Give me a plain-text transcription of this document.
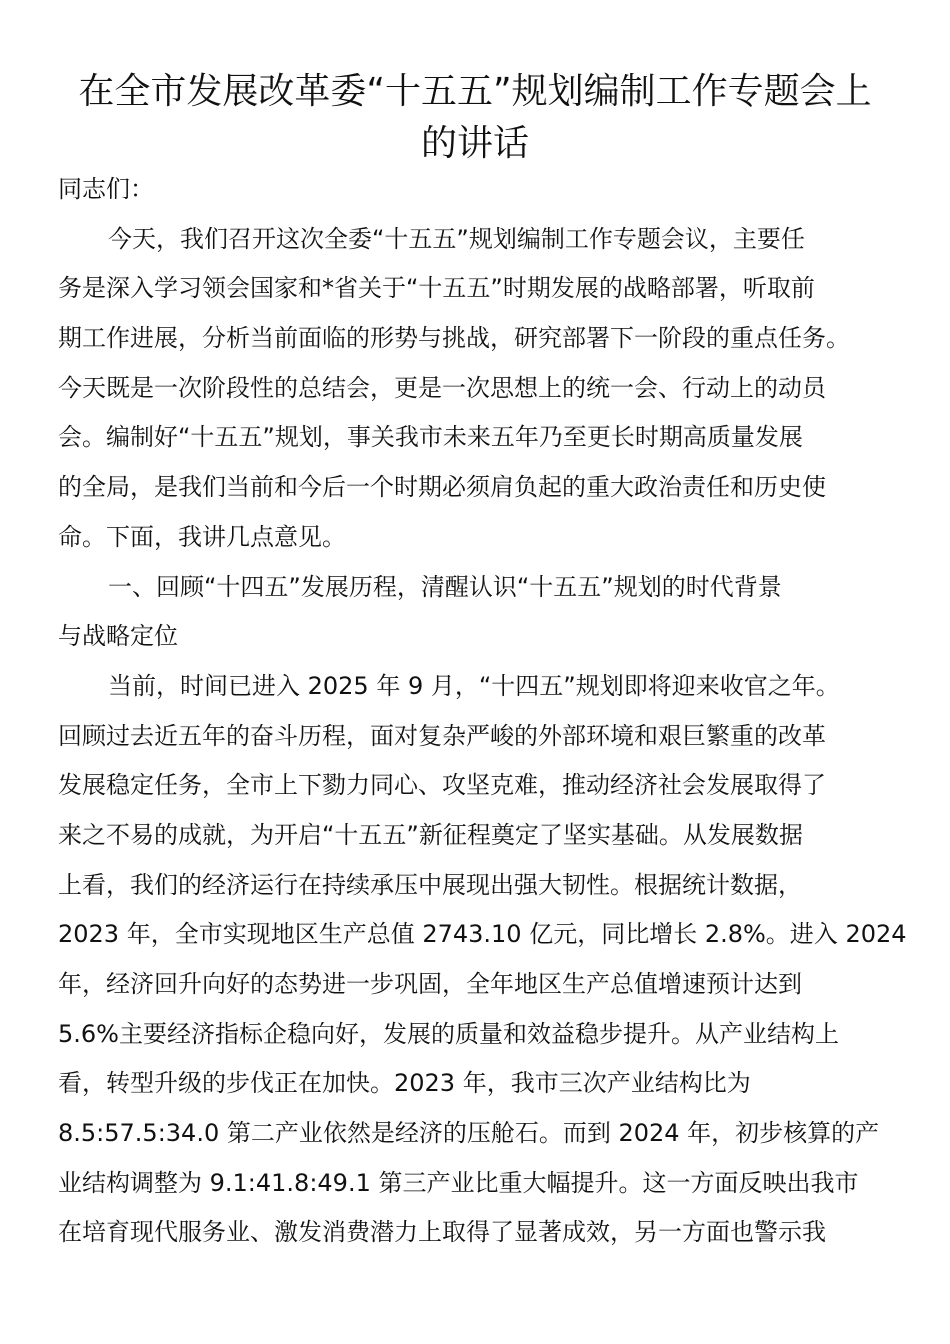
在全市发展改革委“十五五”规划编制工作专题会上
的讲话
同志们：
今天，我们召开这次全委“十五五”规划编制工作专题会议，主要任
务是深入学习领会国家和*省关于“十五五”时期发展的战略部署，听取前
期工作进展，分析当前面临的形势与挑战，研究部署下一阶段的重点任务。
今天既是一次阶段性的总结会，更是一次思想上的统一会、行动上的动员
会。编制好“十五五”规划，事关我市未来五年乃至更长时期高质量发展
的全局，是我们当前和今后一个时期必须肩负起的重大政治责任和历史使
命。下面，我讲几点意见。
一、回顾“十四五”发展历程，清醒认识“十五五”规划的时代背景
与战略定位
当前，时间已进入 2025 年 9 月，“十四五”规划即将迎来收官之年。
回顾过去近五年的奋斗历程，面对复杂严峻的外部环境和艰巨繁重的改革
发展稳定任务，全市上下勠力同心、攻坚克难，推动经济社会发展取得了
来之不易的成就，为开启“十五五”新征程奠定了坚实基础。从发展数据
上看，我们的经济运行在持续承压中展现出强大韧性。根据统计数据，
2023 年，全市实现地区生产总值 2743.10 亿元，同比增长 2.8%。进入 2024
年，经济回升向好的态势进一步巩固，全年地区生产总值增速预计达到
5.6%主要经济指标企稳向好，发展的质量和效益稳步提升。从产业结构上
看，转型升级的步伐正在加快。2023 年，我市三次产业结构比为
8.5:57.5:34.0 第二产业依然是经济的压舱石。而到 2024 年，初步核算的产
业结构调整为 9.1:41.8:49.1 第三产业比重大幅提升。这一方面反映出我市
在培育现代服务业、激发消费潜力上取得了显著成效，另一方面也警示我
